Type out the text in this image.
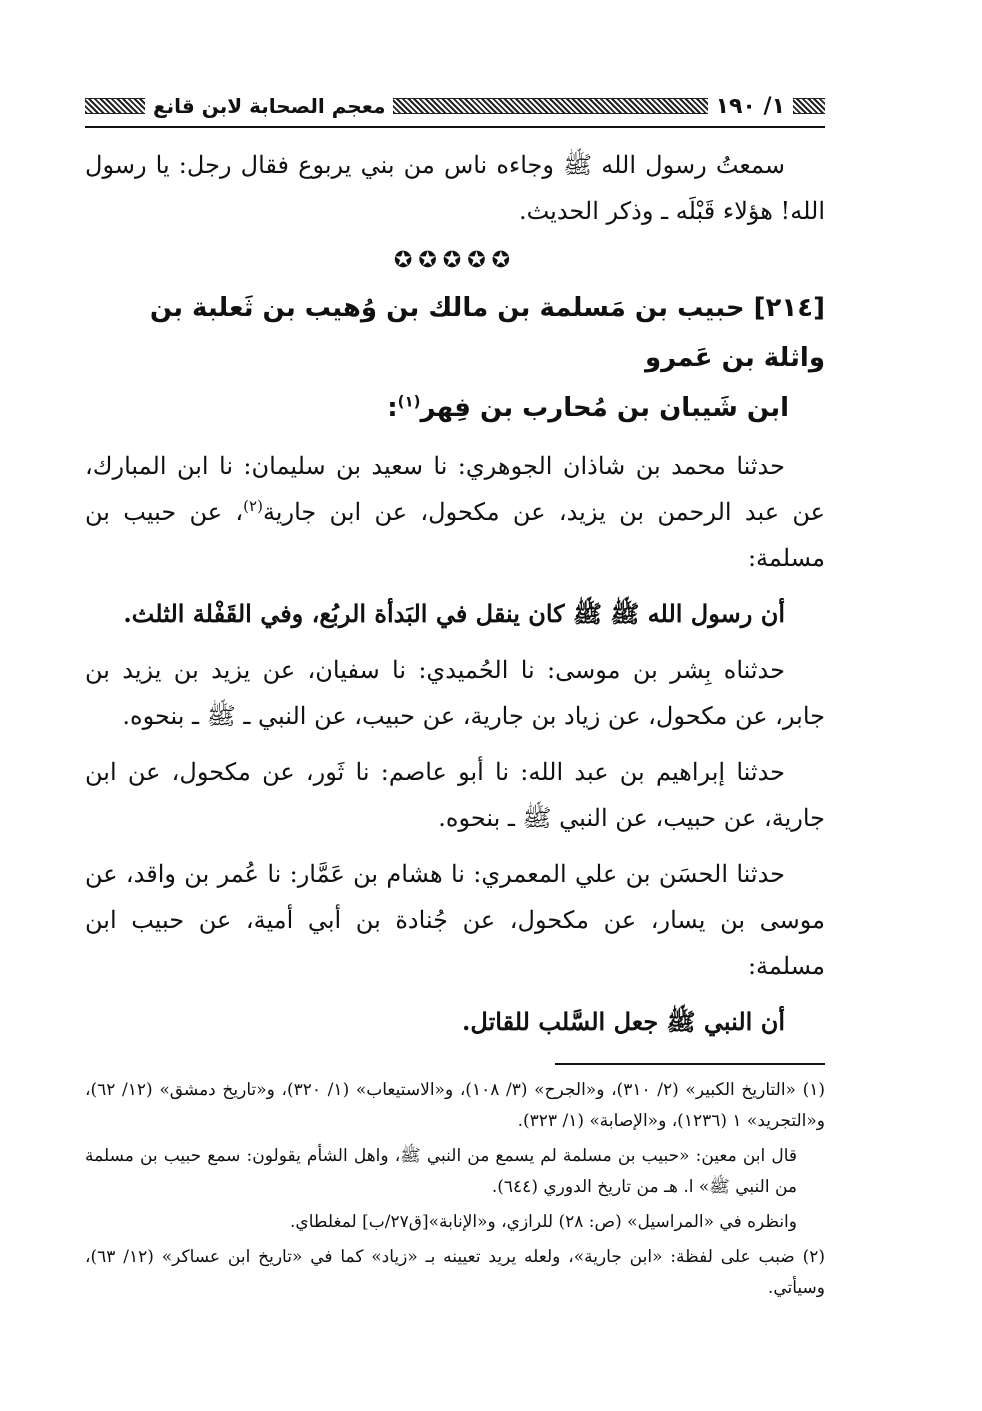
١/ ١٩٠
معجم الصحابة لابن قانع

سمعتُ رسول الله ﷺ وجاءه ناس من بني يربوع فقال رجل: يا رسول الله! هؤلاء قَبْلَه ـ وذكر الحديث.

✪✪✪✪✪

[٢١٤] حبيب بن مَسلمة بن مالك بن وُهيب بن ثَعلبة بن واثلة بن عَمرو
ابن شَيبان بن مُحارب بن فِهر$^{(١)}$:

حدثنا محمد بن شاذان الجوهري: نا سعيد بن سليمان: نا ابن المبارك، عن عبد الرحمن بن يزيد، عن مكحول، عن ابن جارية$^{(٢)}$، عن حبيب بن مسلمة:

أن رسول الله ﷺ ﷺ كان ينقل في البَدأة الربُع، وفي القَفْلة الثلث.

حدثناه بِشر بن موسى: نا الحُميدي: نا سفيان، عن يزيد بن يزيد بن جابر، عن مكحول، عن زياد بن جارية، عن حبيب، عن النبي ـ ﷺ ـ بنحوه.

حدثنا إبراهيم بن عبد الله: نا أبو عاصم: نا ثَور، عن مكحول، عن ابن جارية، عن حبيب، عن النبي ﷺ ـ بنحوه.

حدثنا الحسَن بن علي المعمري: نا هشام بن عَمَّار: نا عُمر بن واقد، عن موسى بن يسار، عن مكحول، عن جُنادة بن أبي أمية، عن حبيب ابن مسلمة:

أن النبي ﷺ جعل السَّلب للقاتل.

(١) «التاريخ الكبير» (٢/ ٣١٠)، و«الجرح» (٣/ ١٠٨)، و«الاستيعاب» (١/ ٣٢٠)، و«تاريخ دمشق» (١٢/ ٦٢)، و«التجريد» ١ (١٢٣٦)، و«الإصابة» (١/ ٣٢٣).

قال ابن معين: «حبيب بن مسلمة لم يسمع من النبي ﷺ، واهل الشأم يقولون: سمع حبيب بن مسلمة من النبي ﷺ» ا. هـ من تاريخ الدوري (٦٤٤).

وانظره في «المراسيل» (ص: ٢٨) للرازي، و«الإنابة»[ق٢٧/ب] لمغلطاي.

(٢) ضبب على لفظة: «ابن جارية»، ولعله يريد تعيينه بـ «زياد» كما في «تاريخ ابن عساكر» (١٢/ ٦٣)، وسيأتي.
